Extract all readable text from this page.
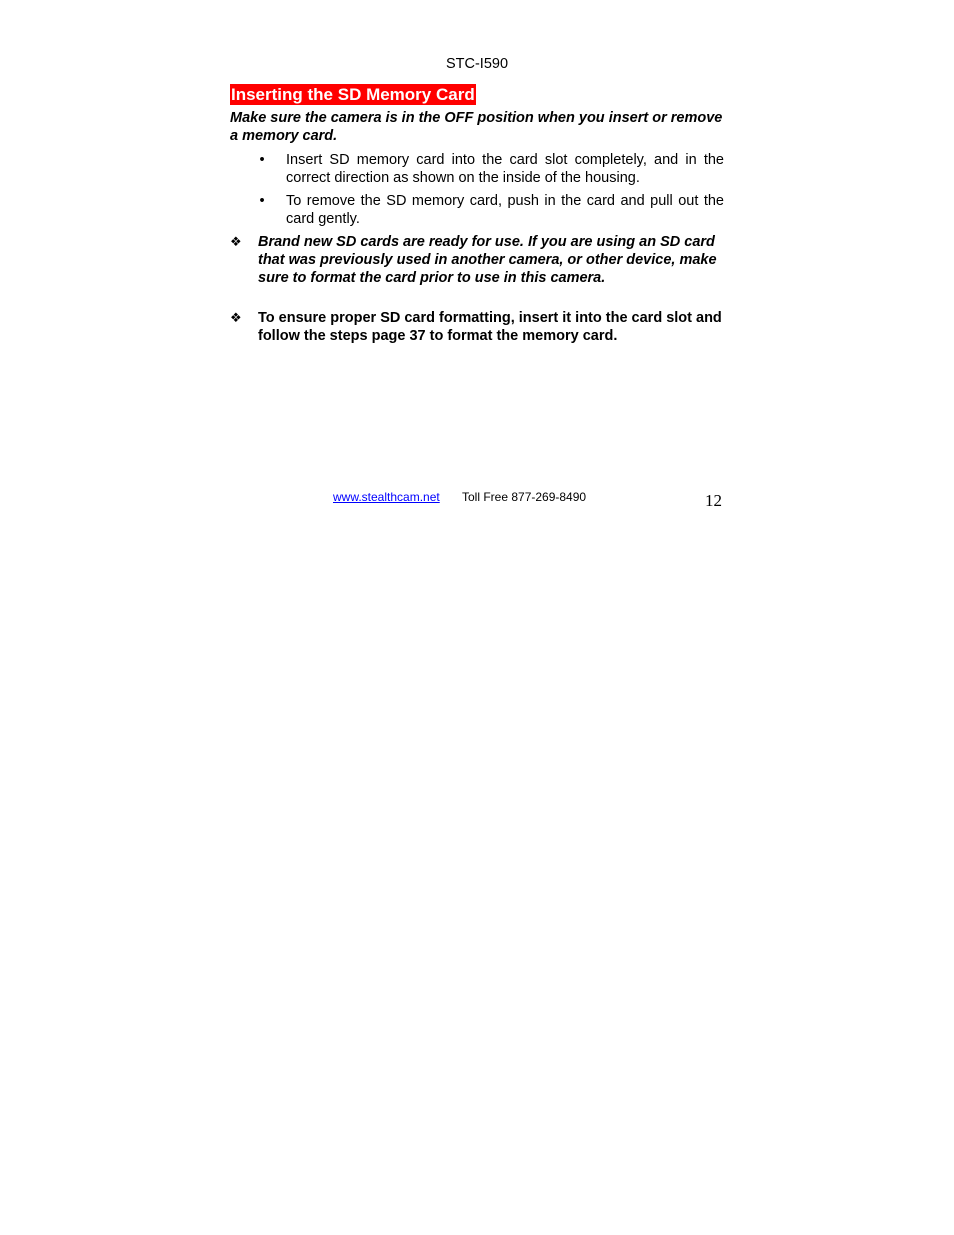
STC-I590
Inserting the SD Memory Card
Make sure the camera is in the OFF position when you insert or remove a memory card.
• Insert SD memory card into the card slot completely, and in the correct direction as shown on the inside of the housing.
• To remove the SD memory card, push in the card and pull out the card gently.
❖ Brand new SD cards are ready for use. If you are using an SD card that was previously used in another camera, or other device, make sure to format the card prior to use in this camera.
❖ To ensure proper SD card formatting, insert it into the card slot and follow the steps page 37 to format the memory card.
www.stealthcam.net Toll Free 877-269-8490	12
